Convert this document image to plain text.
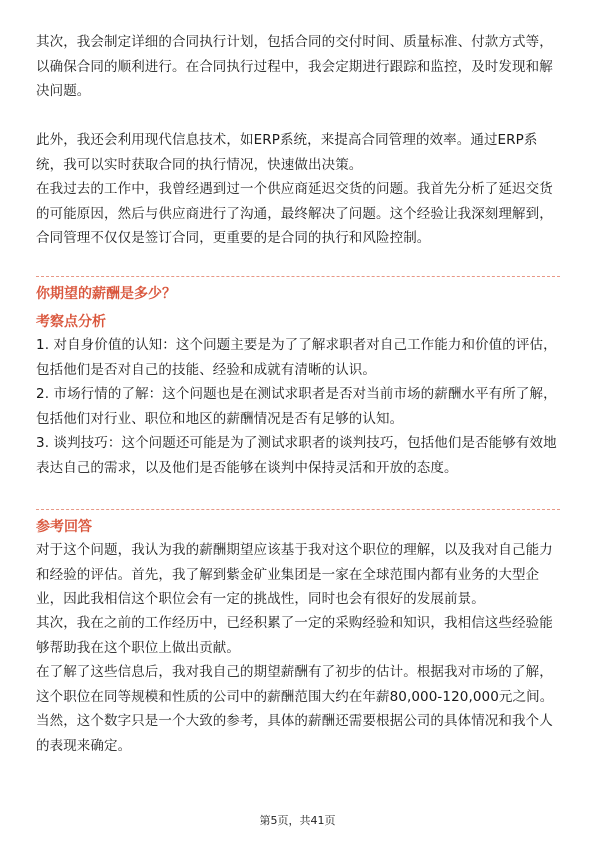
其次，我会制定详细的合同执行计划，包括合同的交付时间、质量标准、付款方式等，以确保合同的顺利进行。在合同执行过程中，我会定期进行跟踪和监控，及时发现和解决问题。

此外，我还会利用现代信息技术，如ERP系统，来提高合同管理的效率。通过ERP系统，我可以实时获取合同的执行情况，快速做出决策。

在我过去的工作中，我曾经遇到过一个供应商延迟交货的问题。我首先分析了延迟交货的可能原因，然后与供应商进行了沟通，最终解决了问题。这个经验让我深刻理解到，合同管理不仅仅是签订合同，更重要的是合同的执行和风险控制。

你期望的薪酬是多少？

考察点分析

1. 对自身价值的认知：这个问题主要是为了了解求职者对自己工作能力和价值的评估，包括他们是否对自己的技能、经验和成就有清晰的认识。

2. 市场行情的了解：这个问题也是在测试求职者是否对当前市场的薪酬水平有所了解，包括他们对行业、职位和地区的薪酬情况是否有足够的认知。

3. 谈判技巧：这个问题还可能是为了测试求职者的谈判技巧，包括他们是否能够有效地表达自己的需求，以及他们是否能够在谈判中保持灵活和开放的态度。

参考回答

对于这个问题，我认为我的薪酬期望应该基于我对这个职位的理解，以及我对自己能力和经验的评估。首先，我了解到紫金矿业集团是一家在全球范围内都有业务的大型企业，因此我相信这个职位会有一定的挑战性，同时也会有很好的发展前景。

其次，我在之前的工作经历中，已经积累了一定的采购经验和知识，我相信这些经验能够帮助我在这个职位上做出贡献。

在了解了这些信息后，我对我自己的期望薪酬有了初步的估计。根据我对市场的了解，这个职位在同等规模和性质的公司中的薪酬范围大约在年薪80,000-120,000元之间。当然，这个数字只是一个大致的参考，具体的薪酬还需要根据公司的具体情况和我个人的表现来确定。

第5页，共41页
